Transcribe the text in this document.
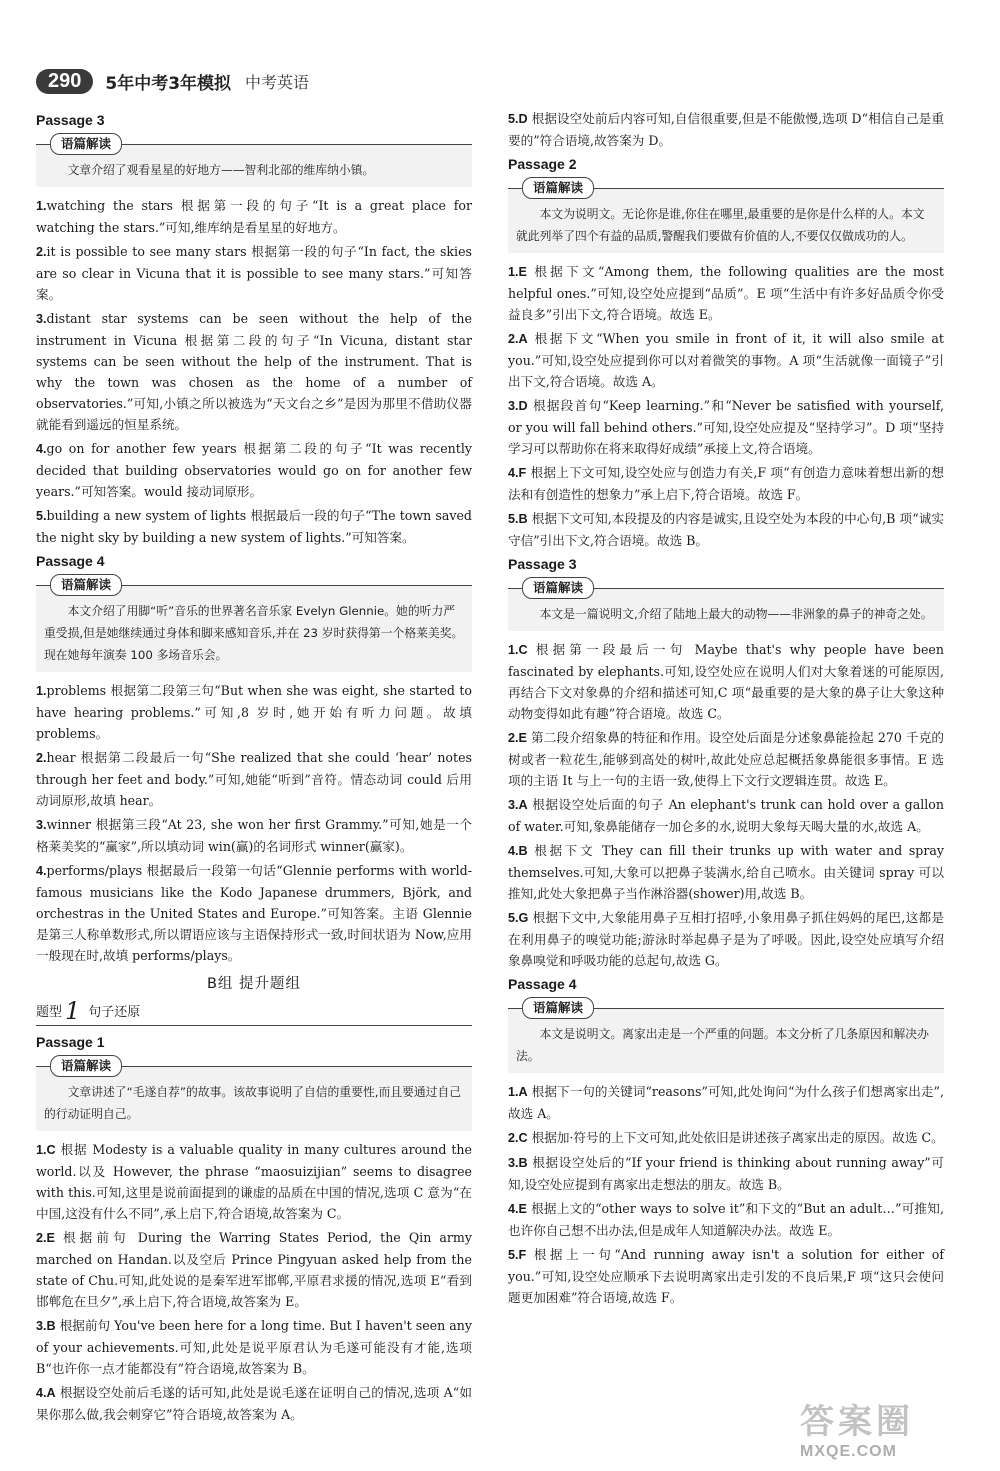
290	5年中考3年模拟 中考英语
Passage 3
语篇解读
文章介绍了观看星星的好地方——智利北部的维库纳小镇。
1.watching the stars 根据第一段的句子“It is a great place for watching the stars.”可知,维库纳是看星星的好地方。
2.it is possible to see many stars 根据第一段的句子“In fact, the skies are so clear in Vicuna that it is possible to see many stars.”可知答案。
3.distant star systems can be seen without the help of the instrument in Vicuna 根据第二段的句子“In Vicuna, distant star systems can be seen without the help of the instrument. That is why the town was chosen as the home of a number of observatories.”可知,小镇之所以被选为“天文台之乡”是因为那里不借助仪器就能看到遥远的恒星系统。
4.go on for another few years 根据第二段的句子“It was recently decided that building observatories would go on for another few years.”可知答案。would 接动词原形。
5.building a new system of lights 根据最后一段的句子“The town saved the night sky by building a new system of lights.”可知答案。
Passage 4
语篇解读
本文介绍了用脚“听”音乐的世界著名音乐家 Evelyn Glennie。她的听力严重受损,但是她继续通过身体和脚来感知音乐,并在 23 岁时获得第一个格莱美奖。现在她每年演奏 100 多场音乐会。
1.problems 根据第二段第三句“But when she was eight, she started to have hearing problems.”可知,8 岁时,她开始有听力问题。故填 problems。
2.hear 根据第二段最后一句“She realized that she could ‘hear’ notes through her feet and body.”可知,她能“听到”音符。情态动词 could 后用动词原形,故填 hear。
3.winner 根据第三段“At 23, she won her first Grammy.”可知,她是一个格莱美奖的“赢家”,所以填动词 win(赢)的名词形式 winner(赢家)。
4.performs/plays 根据最后一段第一句话“Glennie performs with world-famous musicians like the Kodo Japanese drummers, Björk, and orchestras in the United States and Europe.”可知答案。主语 Glennie 是第三人称单数形式,所以谓语应该与主语保持形式一致,时间状语为 Now,应用一般现在时,故填 performs/plays。
B组 提升题组
题型 1 句子还原
Passage 1
语篇解读
文章讲述了“毛遂自荐”的故事。该故事说明了自信的重要性,而且要通过自己的行动证明自己。
1.C 根据 Modesty is a valuable quality in many cultures around the world.以及 However, the phrase “maosuizijian” seems to disagree with this.可知,这里是说前面提到的谦虚的品质在中国的情况,选项 C 意为“在中国,这没有什么不同”,承上启下,符合语境,故答案为 C。
2.E 根据前句 During the Warring States Period, the Qin army marched on Handan.以及空后 Prince Pingyuan asked help from the state of Chu.可知,此处说的是秦军进军邯郸,平原君求援的情况,选项 E“看到邯郸危在旦夕”,承上启下,符合语境,故答案为 E。
3.B 根据前句 You've been here for a long time. But I haven't seen any of your achievements.可知,此处是说平原君认为毛遂可能没有才能,选项 B“也许你一点才能都没有”符合语境,故答案为 B。
4.A 根据设空处前后毛遂的话可知,此处是说毛遂在证明自己的情况,选项 A“如果你那么做,我会刺穿它”符合语境,故答案为 A。
5.D 根据设空处前后内容可知,自信很重要,但是不能傲慢,选项 D“相信自己是重要的”符合语境,故答案为 D。
Passage 2
语篇解读
本文为说明文。无论你是谁,你住在哪里,最重要的是你是什么样的人。本文就此列举了四个有益的品质,警醒我们要做有价值的人,不要仅仅做成功的人。
1.E 根据下文“Among them, the following qualities are the most helpful ones.”可知,设空处应提到“品质”。E 项“生活中有许多好品质令你受益良多”引出下文,符合语境。故选 E。
2.A 根据下文“When you smile in front of it, it will also smile at you.”可知,设空处应提到你可以对着微笑的事物。A 项“生活就像一面镜子”引出下文,符合语境。故选 A。
3.D 根据段首句“Keep learning.”和“Never be satisfied with yourself, or you will fall behind others.”可知,设空处应提及“坚持学习”。D 项“坚持学习可以帮助你在将来取得好成绩”承接上文,符合语境。
4.F 根据上下文可知,设空处应与创造力有关,F 项“有创造力意味着想出新的想法和有创造性的想象力”承上启下,符合语境。故选 F。
5.B 根据下文可知,本段提及的内容是诚实,且设空处为本段的中心句,B 项“诚实守信”引出下文,符合语境。故选 B。
Passage 3
语篇解读
本文是一篇说明文,介绍了陆地上最大的动物——非洲象的鼻子的神奇之处。
1.C 根据第一段最后一句 Maybe that's why people have been fascinated by elephants.可知,设空处应在说明人们对大象着迷的可能原因,再结合下文对象鼻的介绍和描述可知,C 项“最重要的是大象的鼻子让大象这种动物变得如此有趣”符合语境。故选 C。
2.E 第二段介绍象鼻的特征和作用。设空处后面是分述象鼻能捡起 270 千克的树或者一粒花生,能够到高处的树叶,故此处应总起概括象鼻能很多事情。E 选项的主语 It 与上一句的主语一致,使得上下文行文逻辑连贯。故选 E。
3.A 根据设空处后面的句子 An elephant's trunk can hold over a gallon of water.可知,象鼻能储存一加仑多的水,说明大象每天喝大量的水,故选 A。
4.B 根据下文 They can fill their trunks up with water and spray themselves.可知,大象可以把鼻子装满水,给自己喷水。由关键词 spray 可以推知,此处大象把鼻子当作淋浴器(shower)用,故选 B。
5.G 根据下文中,大象能用鼻子互相打招呼,小象用鼻子抓住妈妈的尾巴,这都是在利用鼻子的嗅觉功能;游泳时举起鼻子是为了呼吸。因此,设空处应填写介绍象鼻嗅觉和呼吸功能的总起句,故选 G。
Passage 4
语篇解读
本文是说明文。离家出走是一个严重的问题。本文分析了几条原因和解决办法。
1.A 根据下一句的关键词“reasons”可知,此处询问“为什么孩子们想离家出走”,故选 A。
2.C 根据加·符号的上下文可知,此处依旧是讲述孩子离家出走的原因。故选 C。
3.B 根据设空处后的“If your friend is thinking about running away”可知,设空处应提到有离家出走想法的朋友。故选 B。
4.E 根据上文的“other ways to solve it”和下文的“But an adult…”可推知,也许你自己想不出办法,但是成年人知道解决办法。故选 E。
5.F 根据上一句“And running away isn't a solution for either of you.”可知,设空处应顺承下去说明离家出走引发的不良后果,F 项“这只会使问题更加困难”符合语境,故选 F。
答案圈
MXQE.COM
